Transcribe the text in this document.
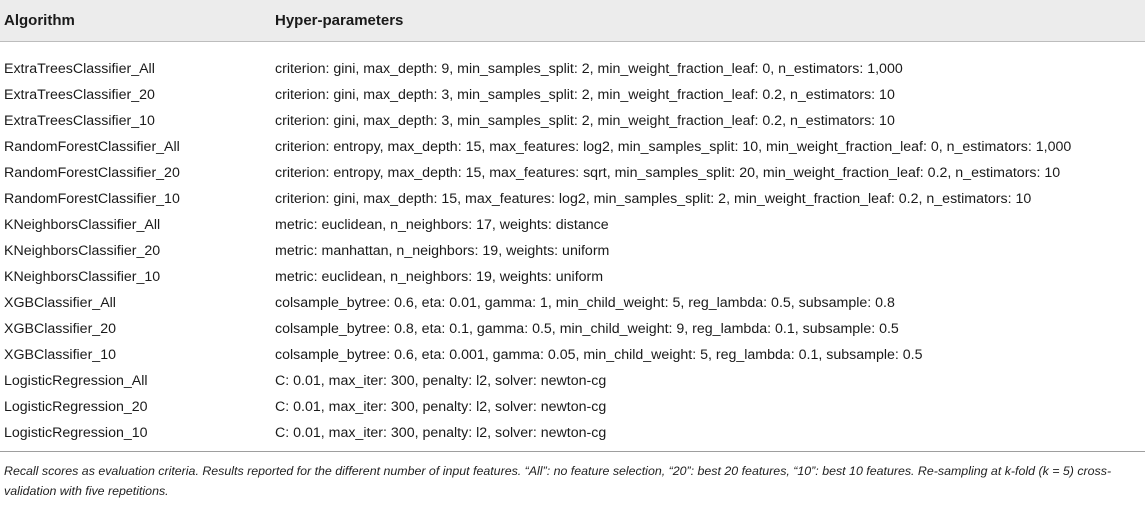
Algorithm	Hyper-parameters
ExtraTreesClassifier_All	criterion: gini, max_depth: 9, min_samples_split: 2, min_weight_fraction_leaf: 0, n_estimators: 1,000
ExtraTreesClassifier_20	criterion: gini, max_depth: 3, min_samples_split: 2, min_weight_fraction_leaf: 0.2, n_estimators: 10
ExtraTreesClassifier_10	criterion: gini, max_depth: 3, min_samples_split: 2, min_weight_fraction_leaf: 0.2, n_estimators: 10
RandomForestClassifier_All	criterion: entropy, max_depth: 15, max_features: log2, min_samples_split: 10, min_weight_fraction_leaf: 0, n_estimators: 1,000
RandomForestClassifier_20	criterion: entropy, max_depth: 15, max_features: sqrt, min_samples_split: 20, min_weight_fraction_leaf: 0.2, n_estimators: 10
RandomForestClassifier_10	criterion: gini, max_depth: 15, max_features: log2, min_samples_split: 2, min_weight_fraction_leaf: 0.2, n_estimators: 10
KNeighborsClassifier_All	metric: euclidean, n_neighbors: 17, weights: distance
KNeighborsClassifier_20	metric: manhattan, n_neighbors: 19, weights: uniform
KNeighborsClassifier_10	metric: euclidean, n_neighbors: 19, weights: uniform
XGBClassifier_All	colsample_bytree: 0.6, eta: 0.01, gamma: 1, min_child_weight: 5, reg_lambda: 0.5, subsample: 0.8
XGBClassifier_20	colsample_bytree: 0.8, eta: 0.1, gamma: 0.5, min_child_weight: 9, reg_lambda: 0.1, subsample: 0.5
XGBClassifier_10	colsample_bytree: 0.6, eta: 0.001, gamma: 0.05, min_child_weight: 5, reg_lambda: 0.1, subsample: 0.5
LogisticRegression_All	C: 0.01, max_iter: 300, penalty: l2, solver: newton-cg
LogisticRegression_20	C: 0.01, max_iter: 300, penalty: l2, solver: newton-cg
LogisticRegression_10	C: 0.01, max_iter: 300, penalty: l2, solver: newton-cg
Recall scores as evaluation criteria. Results reported for the different number of input features. “All”: no feature selection, “20”: best 20 features, “10”: best 10 features. Re-sampling at k-fold (k = 5) cross-validation with five repetitions.
